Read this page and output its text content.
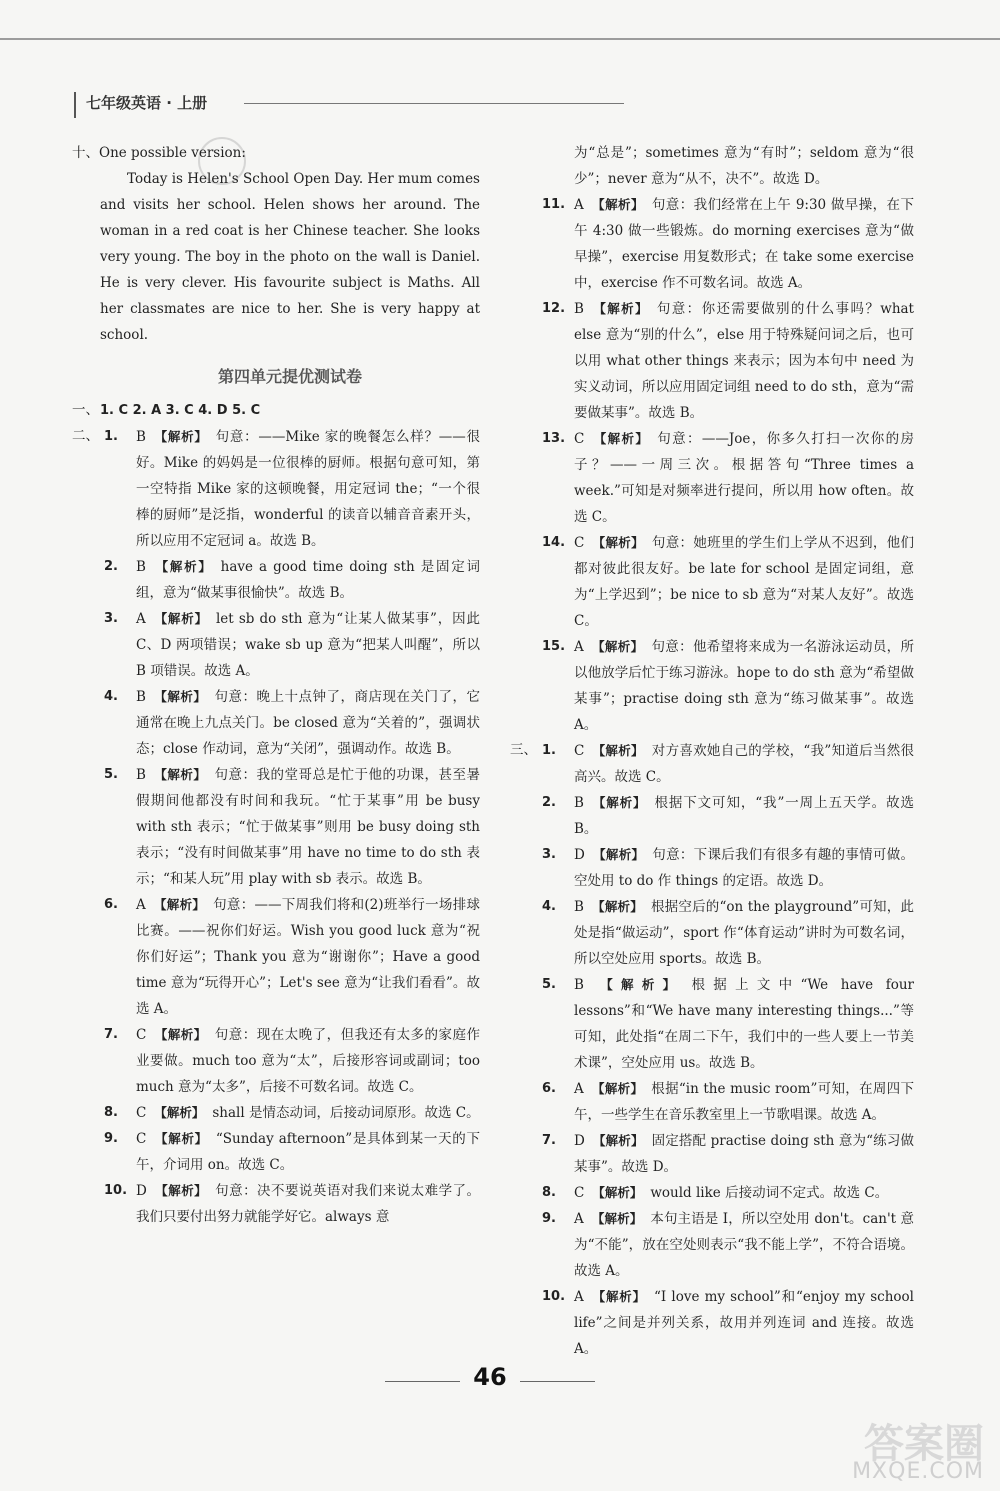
七年级英语 · 上册

十、One possible version:

Today is Helen's School Open Day. Her mum comes and visits her school. Helen shows her around. The woman in a red coat is her Chinese teacher. She looks very young. The boy in the photo on the wall is Daniel. He is very clever. His favourite subject is Maths. All her classmates are nice to her. She is very happy at school.

第四单元提优测试卷
一、 1. C 2. A 3. C 4. D 5. C
二、 1. B 【解析】 句意：——Mike 家的晚餐怎么样？——很好。Mike 的妈妈是一位很棒的厨师。根据句意可知，第一空特指 Mike 家的这顿晚餐，用定冠词 the；“一个很棒的厨师”是泛指，wonderful 的读音以辅音音素开头，所以应用不定冠词 a。故选 B。

2. B 【解析】 have a good time doing sth 是固定词组，意为“做某事很愉快”。故选 B。

3. A 【解析】 let sb do sth 意为“让某人做某事”，因此 C、D 两项错误；wake sb up 意为“把某人叫醒”，所以 B 项错误。故选 A。

4. B 【解析】 句意：晚上十点钟了，商店现在关门了，它通常在晚上九点关门。be closed 意为“关着的”，强调状态；close 作动词，意为“关闭”，强调动作。故选 B。

5. B 【解析】 句意：我的堂哥总是忙于他的功课，甚至暑假期间他都没有时间和我玩。“忙于某事”用 be busy with sth 表示；“忙于做某事”则用 be busy doing sth 表示；“没有时间做某事”用 have no time to do sth 表示；“和某人玩”用 play with sb 表示。故选 B。

6. A 【解析】 句意：——下周我们将和(2)班举行一场排球比赛。——祝你们好运。Wish you good luck 意为“祝你们好运”；Thank you 意为“谢谢你”；Have a good time 意为“玩得开心”；Let's see 意为“让我们看看”。故选 A。

7. C 【解析】 句意：现在太晚了，但我还有太多的家庭作业要做。much too 意为“太”，后接形容词或副词；too much 意为“太多”，后接不可数名词。故选 C。

8. C 【解析】 shall 是情态动词，后接动词原形。故选 C。

9. C 【解析】 “Sunday afternoon”是具体到某一天的下午，介词用 on。故选 C。

10. D 【解析】 句意：决不要说英语对我们来说太难学了。我们只要付出努力就能学好它。always 意

为“总是”；sometimes 意为“有时”；seldom 意为“很少”；never 意为“从不，决不”。故选 D。

11. A 【解析】 句意：我们经常在上午 9:30 做早操，在下午 4:30 做一些锻炼。do morning exercises 意为“做早操”，exercise 用复数形式；在 take some exercise 中，exercise 作不可数名词。故选 A。

12. B 【解析】 句意：你还需要做别的什么事吗？what else 意为“别的什么”，else 用于特殊疑问词之后，也可以用 what other things 来表示；因为本句中 need 为实义动词，所以应用固定词组 need to do sth，意为“需要做某事”。故选 B。

13. C 【解析】 句意：——Joe，你多久打扫一次你的房子？——一周三次。根据答句“Three times a week.”可知是对频率进行提问，所以用 how often。故选 C。

14. C 【解析】 句意：她班里的学生们上学从不迟到，他们都对彼此很友好。be late for school 是固定词组，意为“上学迟到”；be nice to sb 意为“对某人友好”。故选 C。

15. A 【解析】 句意：他希望将来成为一名游泳运动员，所以他放学后忙于练习游泳。hope to do sth 意为“希望做某事”；practise doing sth 意为“练习做某事”。故选 A。

三、 1. C 【解析】 对方喜欢她自己的学校，“我”知道后当然很高兴。故选 C。

2. B 【解析】 根据下文可知，“我”一周上五天学。故选 B。

3. D 【解析】 句意：下课后我们有很多有趣的事情可做。空处用 to do 作 things 的定语。故选 D。

4. B 【解析】 根据空后的“on the playground”可知，此处是指“做运动”，sport 作“体育运动”讲时为可数名词，所以空处应用 sports。故选 B。

5. B 【解析】 根据上文中“We have four lessons”和“We have many interesting things...”等可知，此处指“在周二下午，我们中的一些人要上一节美术课”，空处应用 us。故选 B。

6. A 【解析】 根据“in the music room”可知，在周四下午，一些学生在音乐教室里上一节歌唱课。故选 A。

7. D 【解析】 固定搭配 practise doing sth 意为“练习做某事”。故选 D。

8. C 【解析】 would like 后接动词不定式。故选 C。

9. A 【解析】 本句主语是 I，所以空处用 don't。can't 意为“不能”，放在空处则表示“我不能上学”，不符合语境。故选 A。

10. A 【解析】 “I love my school”和“enjoy my school life”之间是并列关系，故用并列连词 and 连接。故选 A。

46
答案圈
MXQE.COM
